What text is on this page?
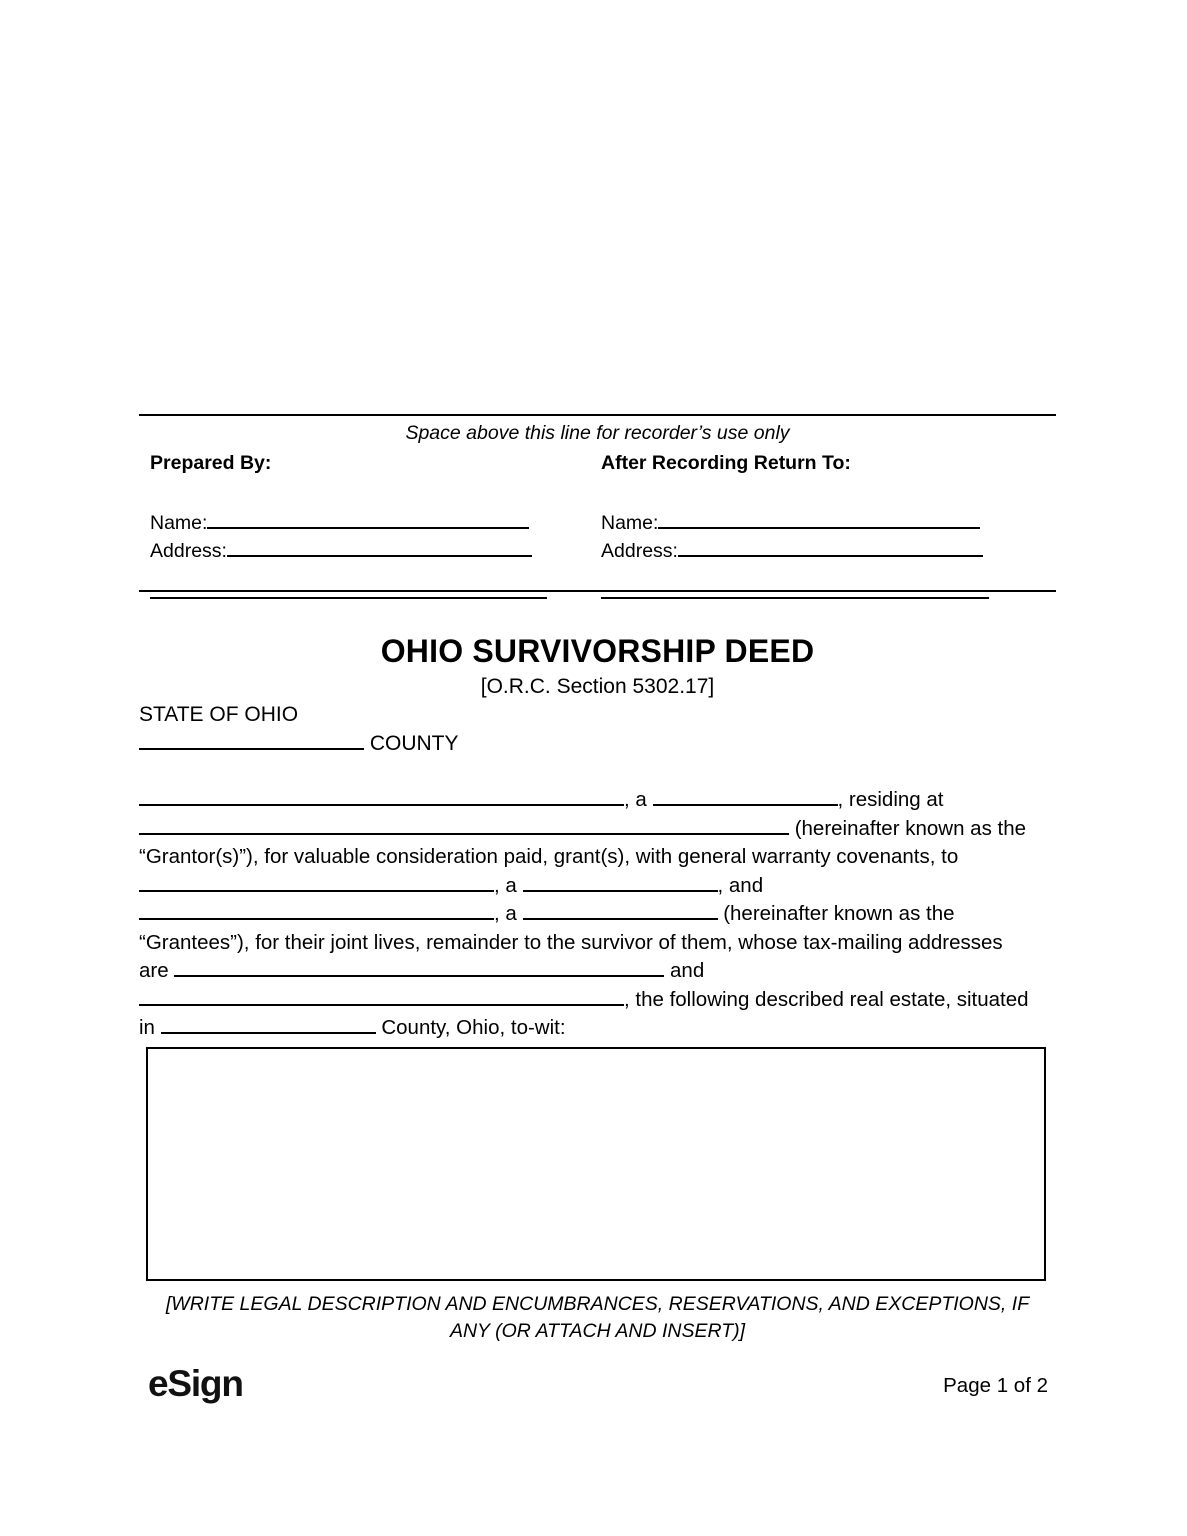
Space above this line for recorder’s use only
Prepared By:
Name:
Address:
After Recording Return To:
Name:
Address:
OHIO SURVIVORSHIP DEED
[O.R.C. Section 5302.17]
STATE OF OHIO
COUNTY
, a	, residing at
(hereinafter known as the
“Grantor(s)”), for valuable consideration paid, grant(s), with general warranty covenants, to
, a	, and
, a	(hereinafter known as the
“Grantees”), for their joint lives, remainder to the survivor of them, whose tax-mailing addresses
are	and
, the following described real estate, situated
in	County, Ohio, to-wit:
[WRITE LEGAL DESCRIPTION AND ENCUMBRANCES, RESERVATIONS, AND EXCEPTIONS, IF
ANY (OR ATTACH AND INSERT)]
eSign	Page 1 of 2
